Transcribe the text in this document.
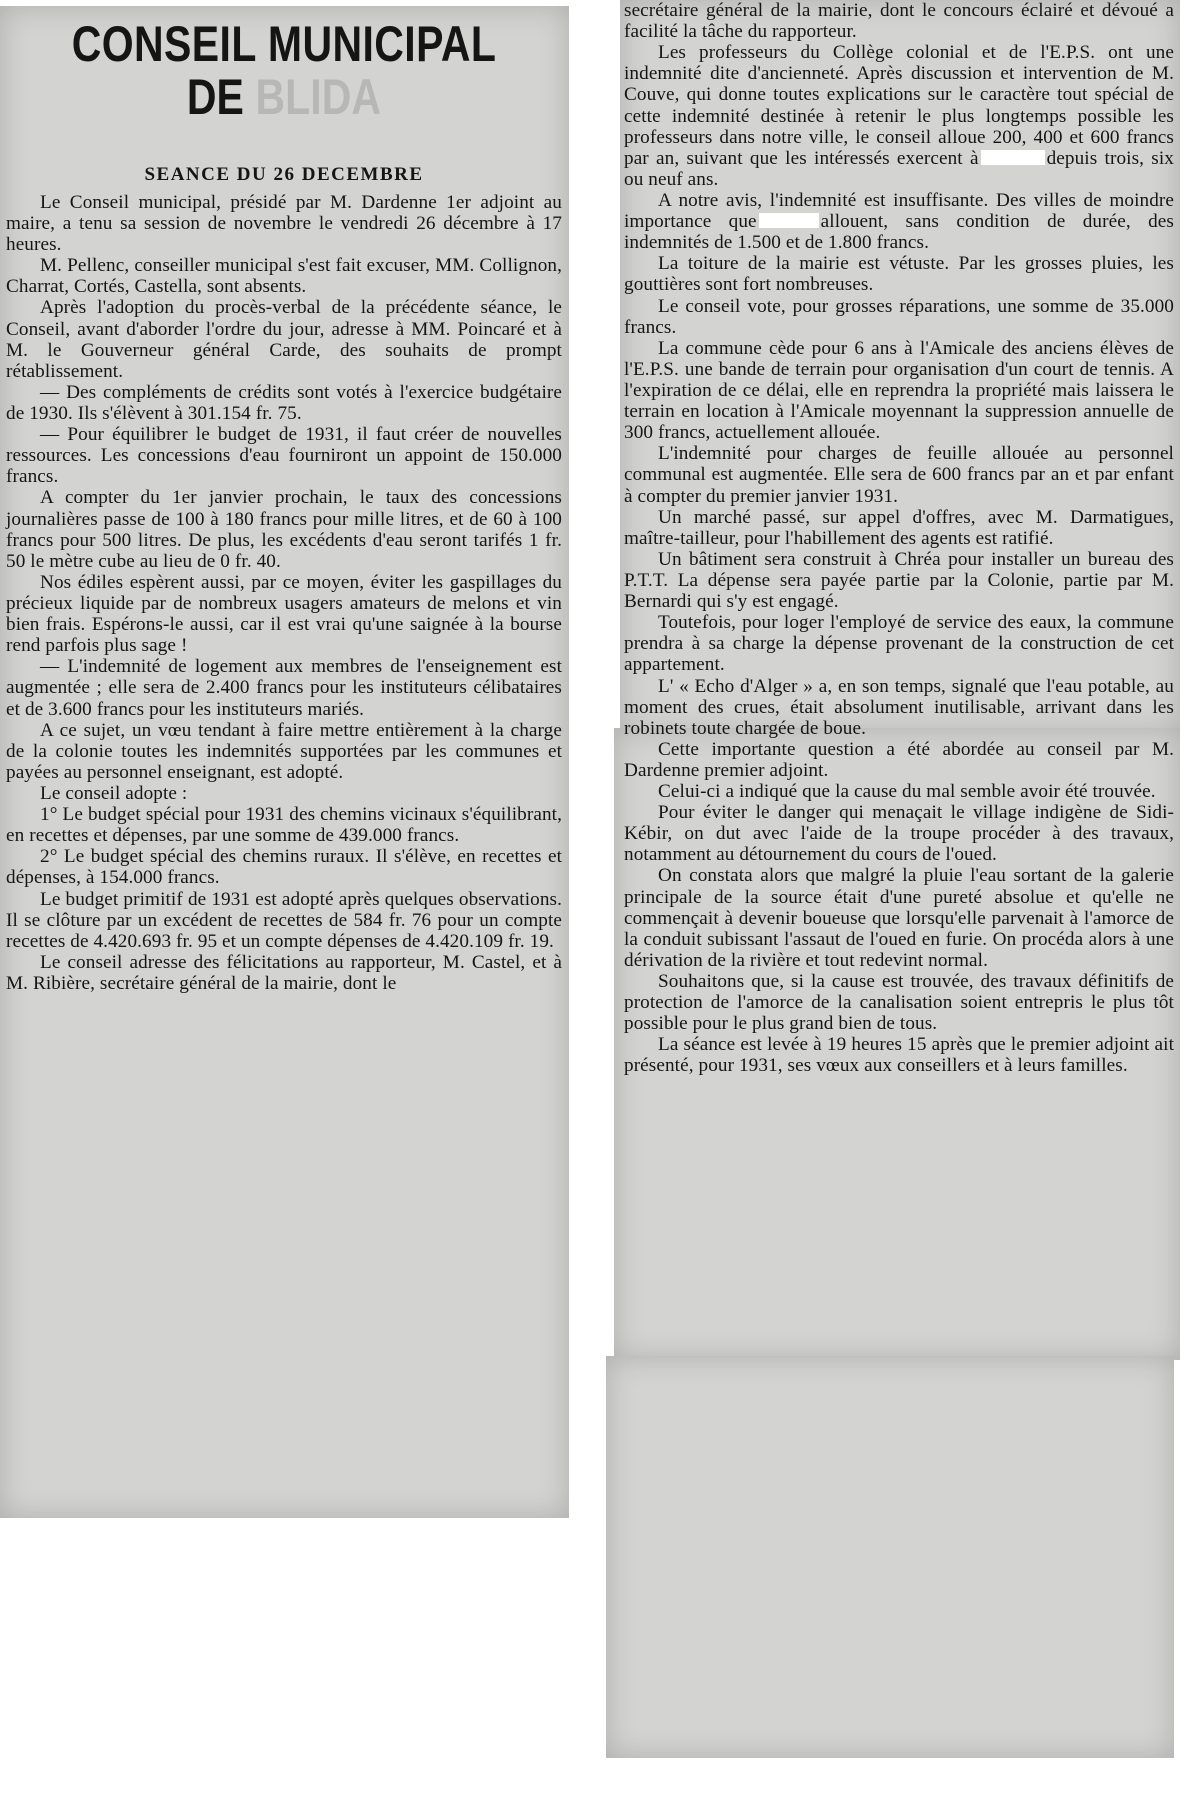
CONSEIL MUNICIPAL
DE BLIDA
SEANCE DU 26 DECEMBRE

Le Conseil municipal, présidé par M. Dardenne 1er adjoint au maire, a tenu sa session de novembre le vendredi 26 décembre à 17 heures.

M. Pellenc, conseiller municipal s'est fait excuser, MM. Collignon, Charrat, Cortés, Castella, sont absents.

Après l'adoption du procès-verbal de la précédente séance, le Conseil, avant d'aborder l'ordre du jour, adresse à MM. Poincaré et à M. le Gouverneur général Carde, des souhaits de prompt rétablissement.

— Des compléments de crédits sont votés à l'exercice budgétaire de 1930. Ils s'élèvent à 301.154 fr. 75.

— Pour équilibrer le budget de 1931, il faut créer de nouvelles ressources. Les concessions d'eau fourniront un appoint de 150.000 francs.

A compter du 1er janvier prochain, le taux des concessions journalières passe de 100 à 180 francs pour mille litres, et de 60 à 100 francs pour 500 litres. De plus, les excédents d'eau seront tarifés 1 fr. 50 le mètre cube au lieu de 0 fr. 40.

Nos édiles espèrent aussi, par ce moyen, éviter les gaspillages du précieux liquide par de nombreux usagers amateurs de melons et vin bien frais. Espérons-le aussi, car il est vrai qu'une saignée à la bourse rend parfois plus sage !

— L'indemnité de logement aux membres de l'enseignement est augmentée ; elle sera de 2.400 francs pour les instituteurs célibataires et de 3.600 francs pour les instituteurs mariés.

A ce sujet, un vœu tendant à faire mettre entièrement à la charge de la colonie toutes les indemnités supportées par les communes et payées au personnel enseignant, est adopté.

Le conseil adopte :

1° Le budget spécial pour 1931 des chemins vicinaux s'équilibrant, en recettes et dépenses, par une somme de 439.000 francs.

2° Le budget spécial des chemins ruraux. Il s'élève, en recettes et dépenses, à 154.000 francs.

Le budget primitif de 1931 est adopté après quelques observations. Il se clôture par un excédent de recettes de 584 fr. 76 pour un compte recettes de 4.420.693 fr. 95 et un compte dépenses de 4.420.109 fr. 19.

Le conseil adresse des félicitations au rapporteur, M. Castel, et à M. Ribière, secrétaire général de la mairie, dont le

secrétaire général de la mairie, dont le concours éclairé et dévoué a facilité la tâche du rapporteur.

Les professeurs du Collège colonial et de l'E.P.S. ont une indemnité dite d'ancienneté. Après discussion et intervention de M. Couve, qui donne toutes explications sur le caractère tout spécial de cette indemnité destinée à retenir le plus longtemps possible les professeurs dans notre ville, le conseil alloue 200, 400 et 600 francs par an, suivant que les intéressés exercent à	depuis trois, six ou neuf ans.

A notre avis, l'indemnité est insuffisante. Des villes de moindre importance que	allouent, sans condition de durée, des indemnités de 1.500 et de 1.800 francs.

La toiture de la mairie est vétuste. Par les grosses pluies, les gouttières sont fort nombreuses.

Le conseil vote, pour grosses réparations, une somme de 35.000 francs.

La commune cède pour 6 ans à l'Amicale des anciens élèves de l'E.P.S. une bande de terrain pour organisation d'un court de tennis. A l'expiration de ce délai, elle en reprendra la propriété mais laissera le terrain en location à l'Amicale moyennant la suppression annuelle de 300 francs, actuellement allouée.

L'indemnité pour charges de feuille allouée au personnel communal est augmentée. Elle sera de 600 francs par an et par enfant à compter du premier janvier 1931.

Un marché passé, sur appel d'offres, avec M. Darmatigues, maître-tailleur, pour l'habillement des agents est ratifié.

Un bâtiment sera construit à Chréa pour installer un bureau des P.T.T. La dépense sera payée partie par la Colonie, partie par M. Bernardi qui s'y est engagé.

Toutefois, pour loger l'employé de service des eaux, la commune prendra à sa charge la dépense provenant de la construction de cet appartement.

L' « Echo d'Alger » a, en son temps, signalé que l'eau potable, au moment des crues, était absolument inutilisable, arrivant dans les robinets toute chargée de boue.

Cette importante question a été abordée au conseil par M. Dardenne premier adjoint.

Celui-ci a indiqué que la cause du mal semble avoir été trouvée.

Pour éviter le danger qui menaçait le village indigène de Sidi-Kébir, on dut avec l'aide de la troupe procéder à des travaux, notamment au détournement du cours de l'oued.

On constata alors que malgré la pluie l'eau sortant de la galerie principale de la source était d'une pureté absolue et qu'elle ne commençait à devenir boueuse que lorsqu'elle parvenait à l'amorce de la conduit subissant l'assaut de l'oued en furie. On procéda alors à une dérivation de la rivière et tout redevint normal.

Souhaitons que, si la cause est trouvée, des travaux définitifs de protection de l'amorce de la canalisation soient entrepris le plus tôt possible pour le plus grand bien de tous.

La séance est levée à 19 heures 15 après que le premier adjoint ait présenté, pour 1931, ses vœux aux conseillers et à leurs familles.
